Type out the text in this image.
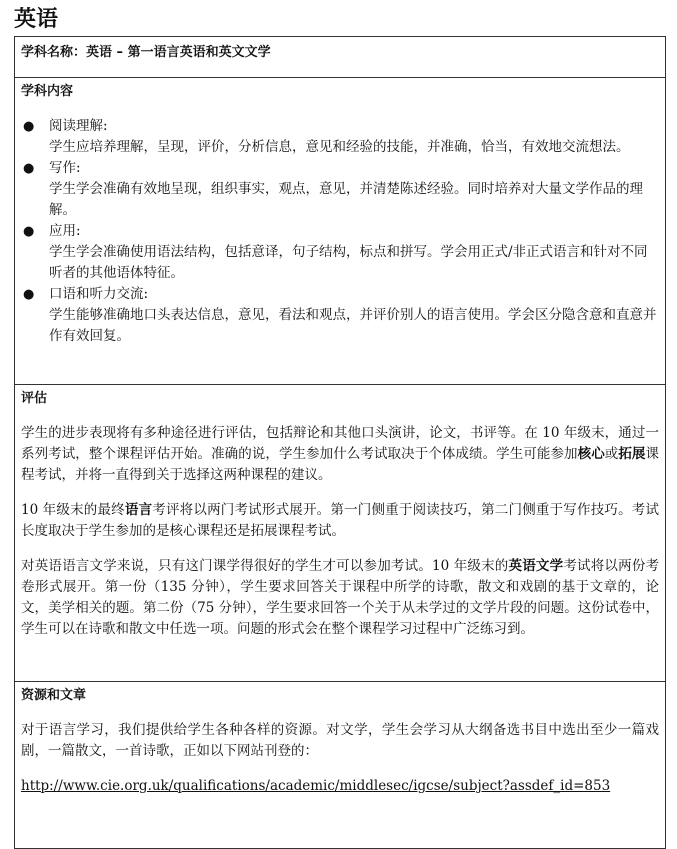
英语
学科名称：英语 – 第一语言英语和英文文学
学科内容
● 阅读理解:
学生应培养理解，呈现，评价，分析信息，意见和经验的技能，并准确，恰当，有效地交流想法。
● 写作:
学生学会准确有效地呈现，组织事实，观点，意见，并清楚陈述经验。同时培养对大量文学作品的理解。
● 应用:
学生学会准确使用语法结构，包括意译，句子结构，标点和拼写。学会用正式/非正式语言和针对不同听者的其他语体特征。
● 口语和听力交流:
学生能够准确地口头表达信息，意见，看法和观点，并评价别人的语言使用。学会区分隐含意和直意并作有效回复。
评估

学生的进步表现将有多种途径进行评估，包括辩论和其他口头演讲，论文，书评等。在 10 年级末，通过一系列考试，整个课程评估开始。准确的说，学生参加什么考试取决于个体成绩。学生可能参加核心或拓展课程考试，并将一直得到关于选择这两种课程的建议。

10 年级末的最终语言考评将以两门考试形式展开。第一门侧重于阅读技巧，第二门侧重于写作技巧。考试长度取决于学生参加的是核心课程还是拓展课程考试。

对英语语言文学来说，只有这门课学得很好的学生才可以参加考试。10 年级末的英语文学考试将以两份考卷形式展开。第一份（135 分钟），学生要求回答关于课程中所学的诗歌，散文和戏剧的基于文章的，论文，美学相关的题。第二份（75 分钟），学生要求回答一个关于从未学过的文学片段的问题。这份试卷中，学生可以在诗歌和散文中任选一项。问题的形式会在整个课程学习过程中广泛练习到。

资源和文章

对于语言学习，我们提供给学生各种各样的资源。对文学，学生会学习从大纲备选书目中选出至少一篇戏剧，一篇散文，一首诗歌，正如以下网站刊登的：

http://www.cie.org.uk/qualifications/academic/middlesec/igcse/subject?assdef_id=853
